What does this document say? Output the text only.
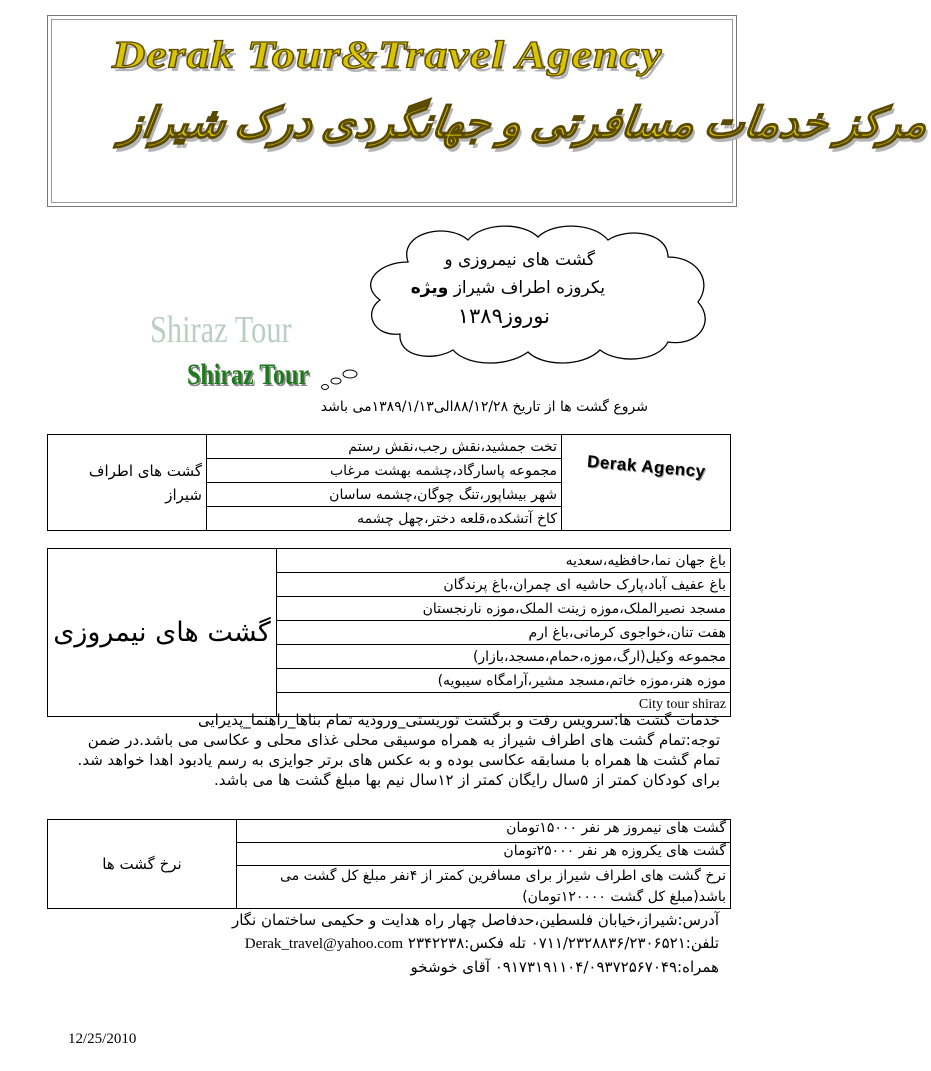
Derak Tour&Travel Agency
مرکز خدمات مسافرتی و جهانگردی درک شیراز
گشت های نیمروزی و
یکروزه اطراف شیراز ویژه
نوروز۱۳۸۹
Shiraz Tour
Shiraz Tour
شروع گشت ها از تاریخ ۸۸/۱۲/۲۸الی۱۳۸۹/۱/۱۳می باشد
گشت های اطراف شیراز	تخت جمشید،نقش رجب،نقش رستم	Derak Agency
مجموعه پاسارگاد،چشمه بهشت مرغاب
شهر بیشاپور،تنگ چوگان،چشمه ساسان
کاخ آتشکده،قلعه دختر،چهل چشمه
گشت های نیمروزی	باغ جهان نما،حافظیه،سعدیه
باغ عفیف آباد،پارک حاشیه ای چمران،باغ پرندگان
مسجد نصیرالملک،موزه زینت الملک،موزه نارنجستان
هفت تنان،خواجوی کرمانی،باغ ارم
مجموعه وکیل(ارگ،موزه،حمام،مسجد،بازار)
موزه هنر،موزه خاتم،مسجد مشیر،آرامگاه سیبویه)
City tour shiraz
خدمات گشت ها:سرویس رفت و برگشت توریستی_ورودیه تمام بناها_راهنما_پذیرایی
توجه:تمام گشت های اطراف شیراز به همراه موسیقی محلی غذای محلی و عکاسی می باشد.در ضمن تمام گشت ها همراه با مسابقه عکاسی بوده و به عکس های برتر جوایزی به رسم یادبود اهدا خواهد شد.
برای کودکان کمتر از ۵سال رایگان کمتر از ۱۲سال نیم بها مبلغ گشت ها می باشد.
نرخ گشت ها	گشت های نیمروز هر نفر ۱۵۰۰۰تومان
گشت های یکروزه هر نفر ۲۵۰۰۰تومان
نرخ گشت های اطراف شیراز برای مسافرین کمتر از ۴نفر مبلغ کل گشت می باشد(مبلغ کل گشت ۱۲۰۰۰۰تومان)
آدرس:شیراز،خیابان فلسطین،حدفاصل چهار راه هدایت و حکیمی ساختمان نگار
تلفن:۰۷۱۱/۲۳۲۸۸۳۶/۲۳۰۶۵۲۱ تله فکس:۲۳۴۲۲۳۸ Derak_travel@yahoo.com
همراه:۰۹۱۷۳۱۹۱۱۰۴/۰۹۳۷۲۵۶۷۰۴۹ آقای خوشخو
12/25/2010
